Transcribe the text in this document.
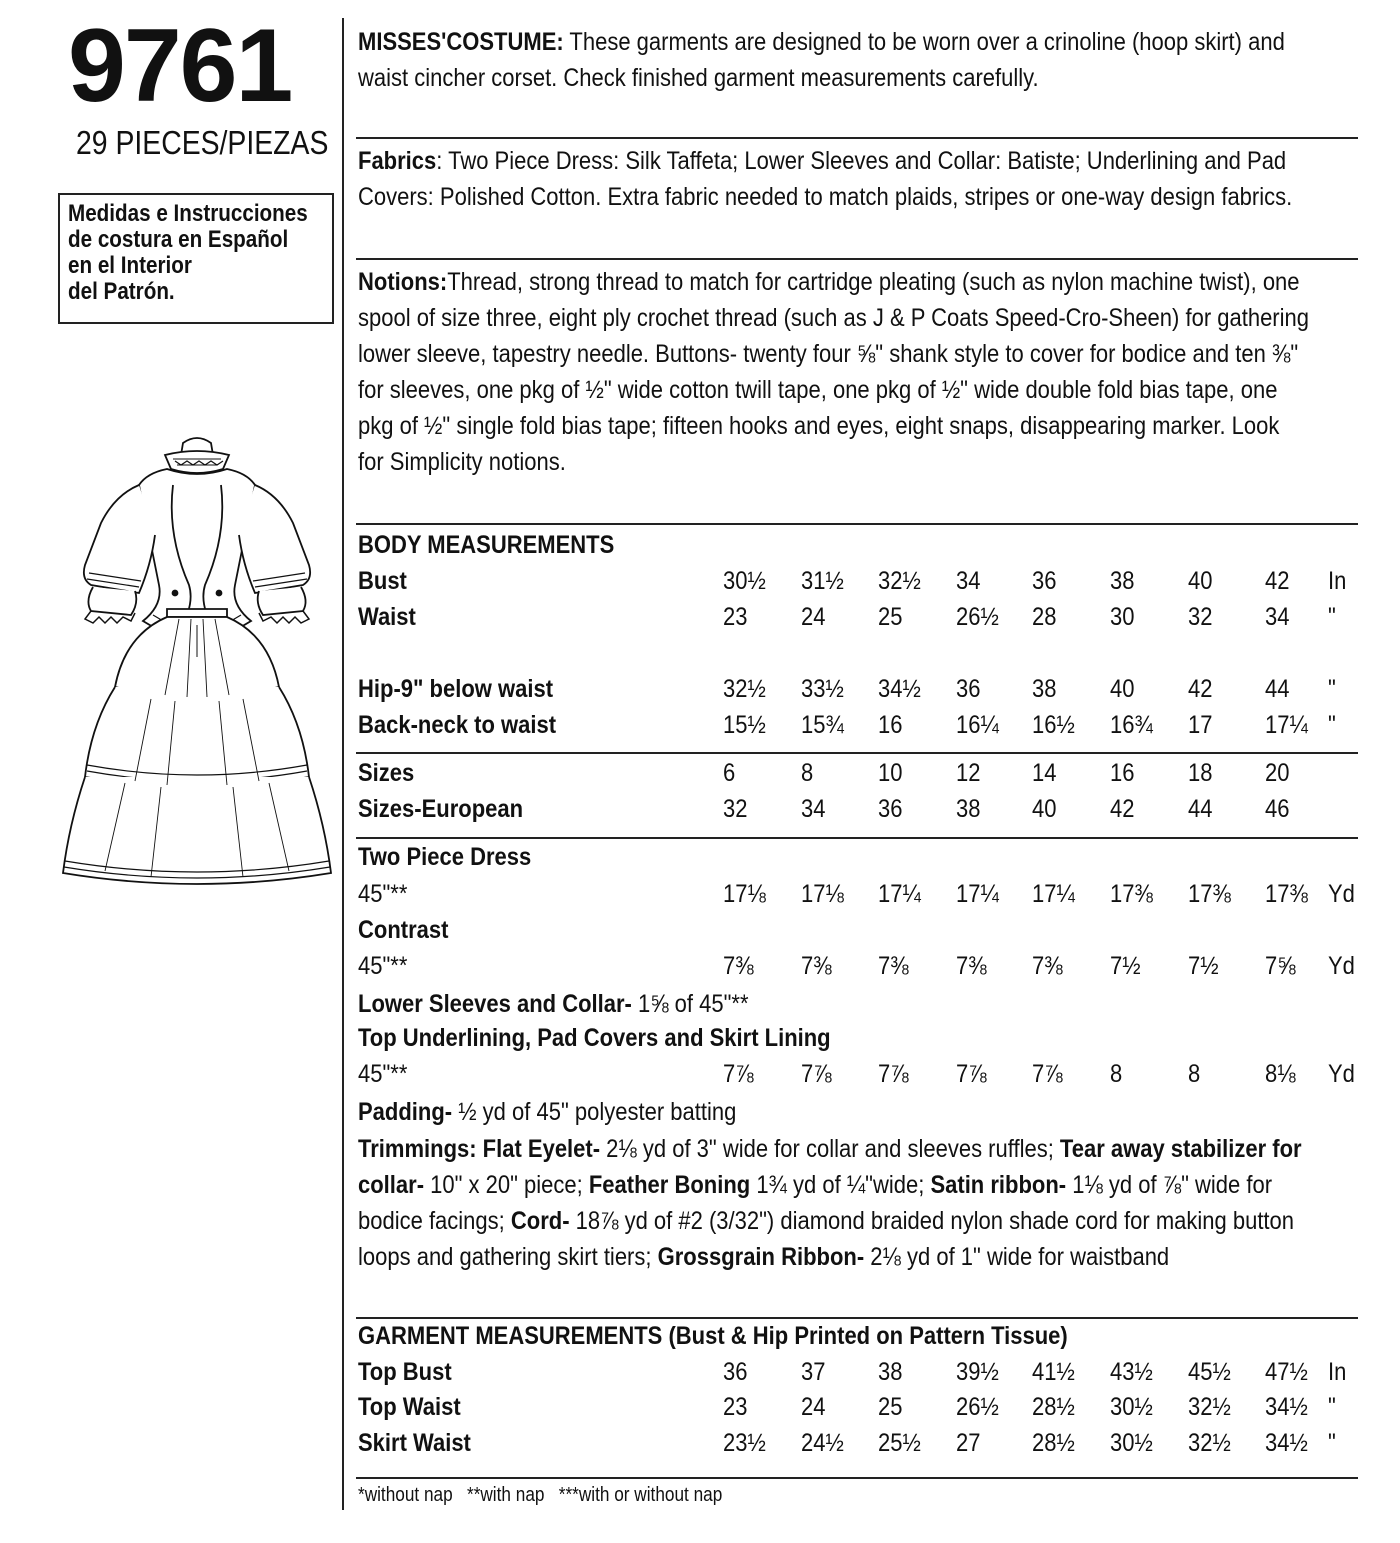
9761
29 PIECES/PIEZAS
Medidas e Instrucciones
de costura en Español
en el Interior
del Patrón.
MISSES'COSTUME: These garments are designed to be worn over a crinoline (hoop skirt) and
waist cincher corset. Check finished garment measurements carefully.
Fabrics: Two Piece Dress: Silk Taffeta; Lower Sleeves and Collar: Batiste; Underlining and Pad
Covers: Polished Cotton. Extra fabric needed to match plaids, stripes or one-way design fabrics.
Notions:Thread, strong thread to match for cartridge pleating (such as nylon machine twist), one
spool of size three, eight ply crochet thread (such as J & P Coats Speed-Cro-Sheen) for gathering
lower sleeve, tapestry needle. Buttons- twenty four ⅝" shank style to cover for bodice and ten ⅜"
for sleeves, one pkg of ½" wide cotton twill tape, one pkg of ½" wide double fold bias tape, one
pkg of ½" single fold bias tape; fifteen hooks and eyes, eight snaps, disappearing marker. Look
for Simplicity notions.
BODY MEASUREMENTS
Bust	30½ 31½ 32½ 34 36 38 40 42 In
Waist	23 24 25 26½ 28 30 32 34 "
Hip-9" below waist	32½ 33½ 34½ 36 38 40 42 44 "
Back-neck to waist	15½ 15¾ 16 16¼ 16½ 16¾ 17 17¼ "
Sizes	6	8	10 12 14 16 18 20
Sizes-European	32 34 36 38 40 42 44 46
Two Piece Dress
45"**	17⅛ 17⅛ 17¼ 17¼ 17¼ 17⅜ 17⅜ 17⅜ Yd
Contrast
45"**	7⅜ 7⅜ 7⅜ 7⅜ 7⅜ 7½ 7½ 7⅝ Yd
Lower Sleeves and Collar- 1⅝ of 45"**
Top Underlining, Pad Covers and Skirt Lining
45"**	7⅞ 7⅞ 7⅞ 7⅞ 7⅞ 8	8	8⅛ Yd
Padding- ½ yd of 45" polyester batting
Trimmings: Flat Eyelet- 2⅛ yd of 3" wide for collar and sleeves ruffles; Tear away stabilizer for
collar- 10" x 20" piece; Feather Boning 1¾ yd of ¼"wide; Satin ribbon- 1⅛ yd of ⅞" wide for
bodice facings; Cord- 18⅞ yd of #2 (3/32") diamond braided nylon shade cord for making button
loops and gathering skirt tiers; Grossgrain Ribbon- 2⅛ yd of 1" wide for waistband
GARMENT MEASUREMENTS (Bust & Hip Printed on Pattern Tissue)
Top Bust	36 37 38 39½ 41½ 43½ 45½ 47½ In
Top Waist	23 24 25 26½ 28½ 30½ 32½ 34½ "
Skirt Waist	23½ 24½ 25½ 27 28½ 30½ 32½ 34½ "
*without nap   **with nap   ***with or without nap
